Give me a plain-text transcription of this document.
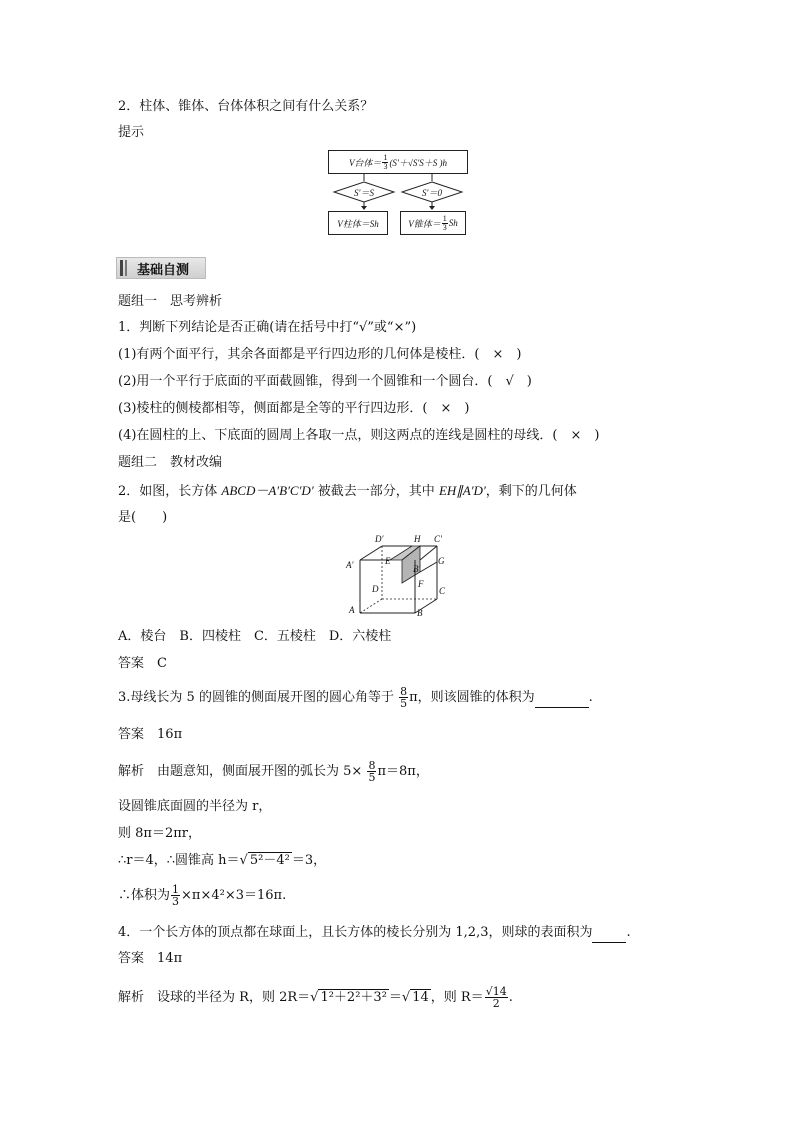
2．柱体、锥体、台体体积之间有什么关系？
提示
V台体＝ $\frac{1}{3} (S'+√S'S+S$ )h
S′＝S	S′＝0
V柱体＝Sh	V锥体＝ $\frac{1}{3}$ Sh
基础自测
题组一　思考辨析
1．判断下列结论是否正确(请在括号中打“√”或“×”)
(1)有两个面平行，其余各面都是平行四边形的几何体是棱柱．(　×　)
(2)用一个平行于底面的平面截圆锥，得到一个圆锥和一个圆台．(　√　)
(3)棱柱的侧棱都相等，侧面都是全等的平行四边形．(　×　)
(4)在圆柱的上、下底面的圆周上各取一点，则这两点的连线是圆柱的母线．(　×　)
题组二　教材改编
2．如图，长方体 ABCD－A′B′C′D′ 被截去一部分，其中 EH∥A′D′，剩下的几何体
是(　　)
D′	H C′
A′	E
B′
G
D	F
C
A	B
A．棱台　B．四棱柱　C．五棱柱　D．六棱柱
答案　 C
3.母线长为 5 的圆锥的侧面展开图的圆心角等于 $\frac{8}{5}$ π，则该圆锥的体积为	.
答案　 16π
解析　 由题意知，侧面展开图的弧长为 $5\times \frac{8}{5} \pi=8\pi$，
设圆锥底面圆的半径为 r，
则 8π＝2πr，
∴r＝4，∴圆锥高 h＝√ 5²－4² ＝3，
∴体积为 $\frac{1}{3} \times\pi\times 4^2\times 3=16\pi$.
4．一个长方体的顶点都在球面上，且长方体的棱长分别为 1,2,3，则球的表面积为	.
答案　 14π
解析　 设球的半径为 R，则 2R＝√ 1²＋2²＋3² ＝√ 14 ，则 $R= \frac{√14}{2}$ .
